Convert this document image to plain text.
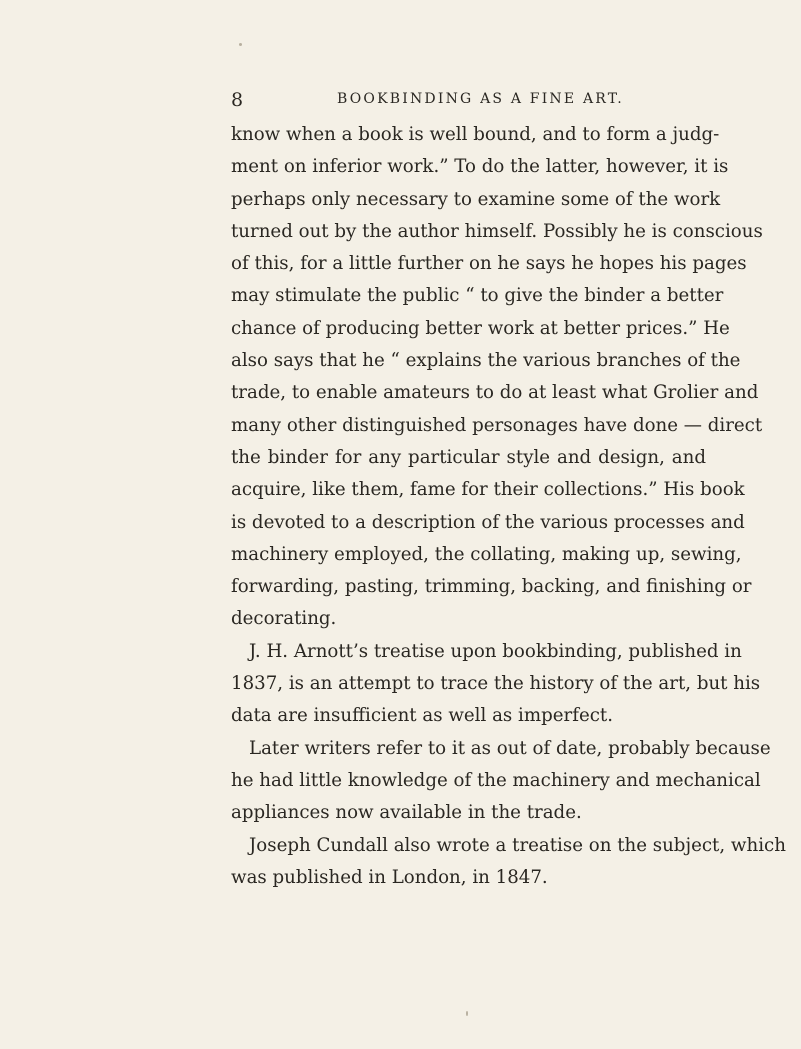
8	BOOKBINDING AS A FINE ART.
know when a book is well bound, and to form a judg-
ment on inferior work.” To do the latter, however, it is
perhaps only necessary to examine some of the work
turned out by the author himself. Possibly he is conscious
of this, for a little further on he says he hopes his pages
may stimulate the public “ to give the binder a better
chance of producing better work at better prices.” He
also says that he “ explains the various branches of the
trade, to enable amateurs to do at least what Grolier and
many other distinguished personages have done — direct
the binder for any particular style and design, and
acquire, like them, fame for their collections.” His book
is devoted to a description of the various processes and
machinery employed, the collating, making up, sewing,
forwarding, pasting, trimming, backing, and finishing or
decorating.
J. H. Arnott’s treatise upon bookbinding, published in
1837, is an attempt to trace the history of the art, but his
data are insufficient as well as imperfect.
Later writers refer to it as out of date, probably because
he had little knowledge of the machinery and mechanical
appliances now available in the trade.
Joseph Cundall also wrote a treatise on the subject, which
was published in London, in 1847.
